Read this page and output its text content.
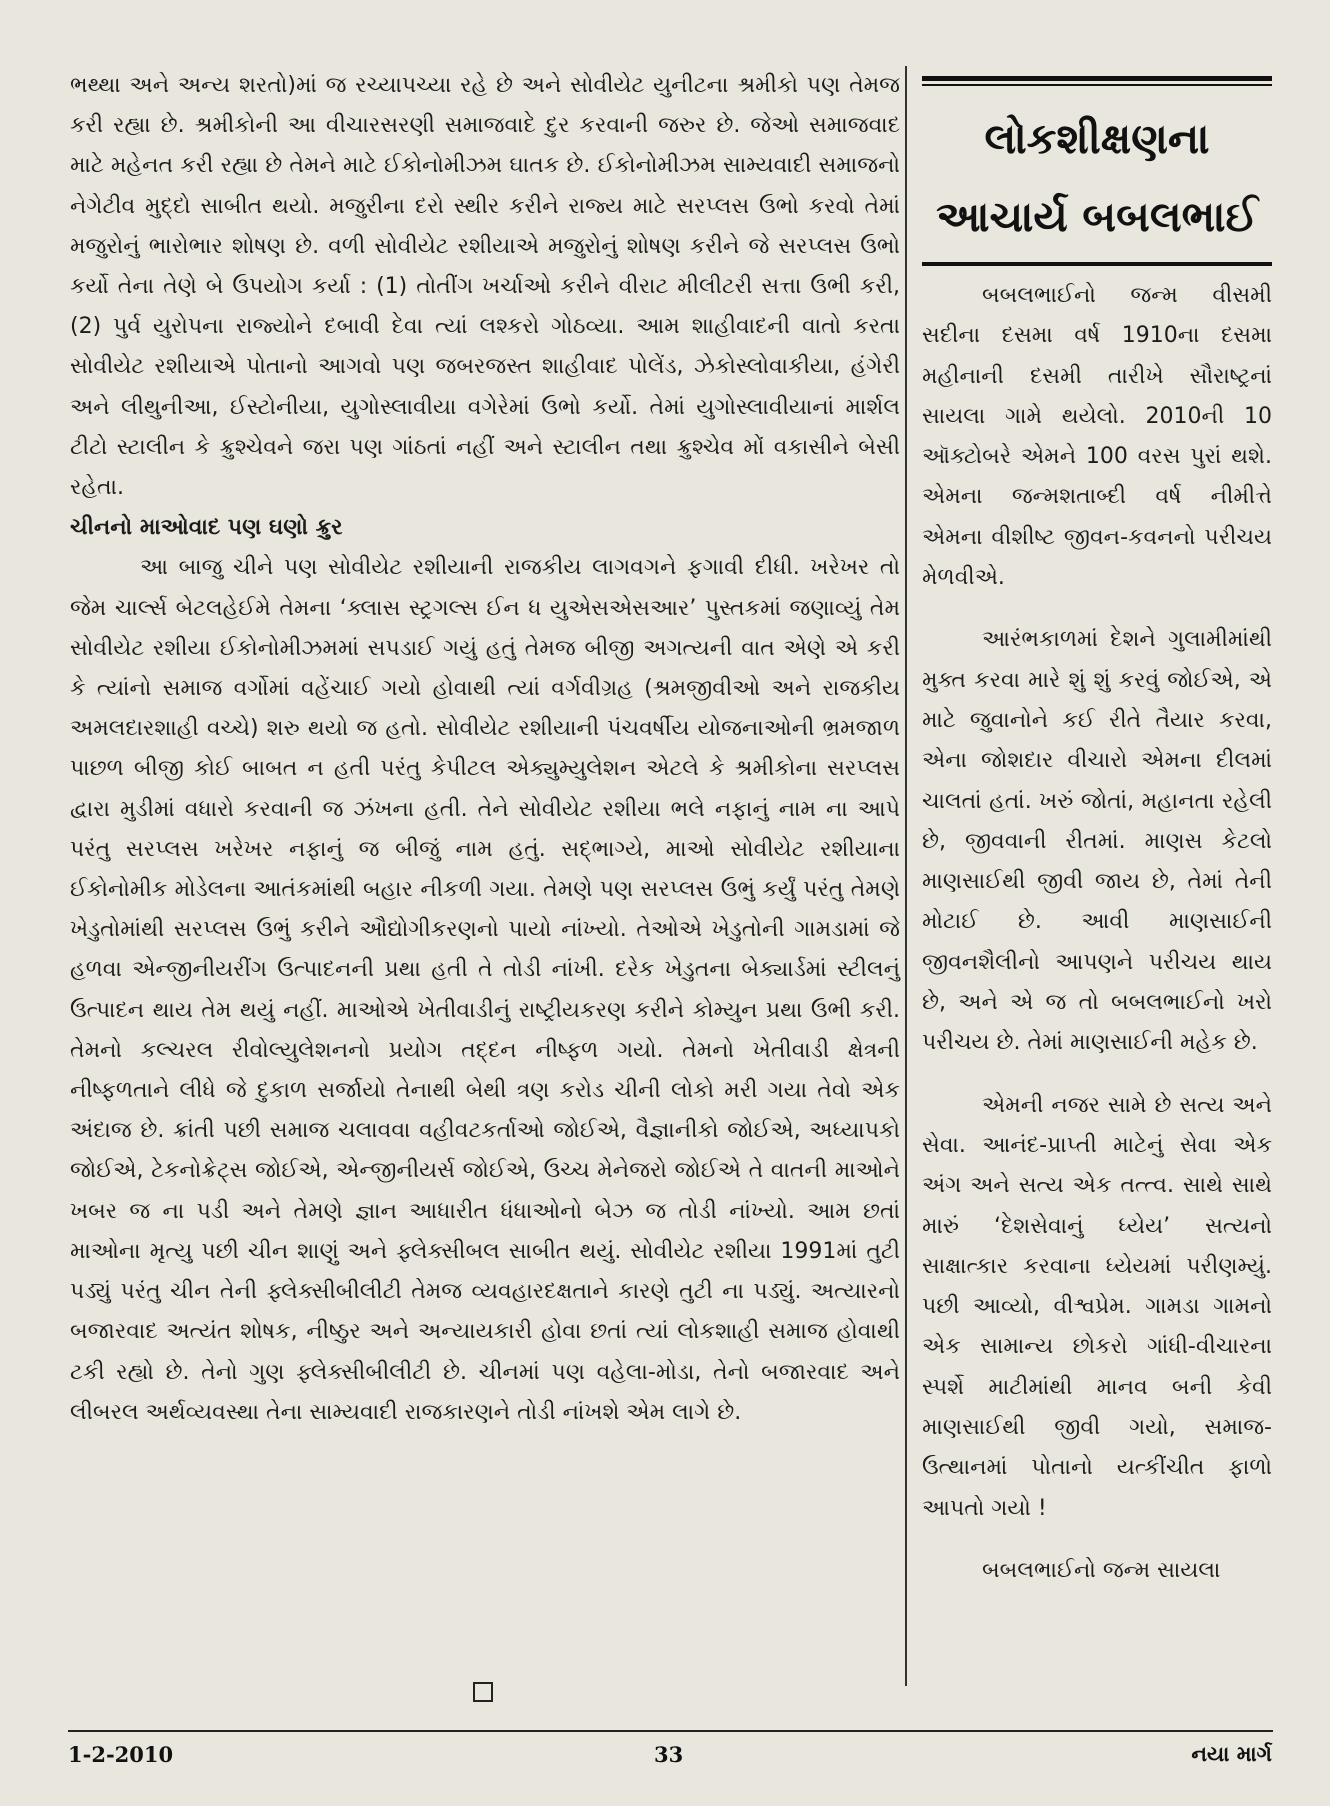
ભથ્થા અને અન્ય શરતો)માં જ રચ્યાપચ્યા રહે છે અને સોવીયેટ યુનીટના શ્રમીકો પણ તેમજ કરી રહ્યા છે. શ્રમીકોની આ વીચારસરણી સમાજવાદે દુર કરવાની જરુર છે. જેઓ સમાજવાદ માટે મહેનત કરી રહ્યા છે તેમને માટે ઈકોનોમીઝમ ઘાતક છે. ઈકોનોમીઝમ સામ્યવાદી સમાજનો નેગેટીવ મુદ્દો સાબીત થયો. મજુરીના દરો સ્થીર કરીને રાજ્ય માટે સરપ્લસ ઉભો કરવો તેમાં મજુરોનું ભારોભાર શોષણ છે. વળી સોવીયેટ રશીયાએ મજુરોનું શોષણ કરીને જે સરપ્લસ ઉભો કર્યો તેના તેણે બે ઉપયોગ કર્યા : (1) તોતીંગ ખર્ચાઓ કરીને વીરાટ મીલીટરી સત્તા ઉભી કરી, (2) પુર્વ યુરોપના રાજ્યોને દબાવી દેવા ત્યાં લશ્કરો ગોઠવ્યા. આમ શાહીવાદની વાતો કરતા સોવીયેટ રશીયાએ પોતાનો આગવો પણ જબરજસ્ત શાહીવાદ પોલેંડ, ઝેકોસ્લોવાકીયા, હંગેરી અને લીથુનીઆ, ઈસ્ટોનીયા, યુગોસ્લાવીયા વગેરેમાં ઉભો કર્યો. તેમાં યુગોસ્લાવીયાનાં માર્શલ ટીટો સ્ટાલીન કે ક્રુશ્ચેવને જરા પણ ગાંઠતાં નહીં અને સ્ટાલીન તથા ક્રુશ્ચેવ મોં વકાસીને બેસી રહેતા.

ચીનનો માઓવાદ પણ ઘણો ક્રુર

આ બાજુ ચીને પણ સોવીયેટ રશીયાની રાજકીય લાગવગને ફગાવી દીધી. ખરેખર તો જેમ ચાર્લ્સ બેટલહેઈમે તેમના ‘ક્લાસ સ્ટ્રગલ્સ ઈન ધ યુએસએસઆર’ પુસ્તકમાં જણાવ્યું તેમ સોવીયેટ રશીયા ઈકોનોમીઝમમાં સપડાઈ ગયું હતું તેમજ બીજી અગત્યની વાત એણે એ કરી કે ત્યાંનો સમાજ વર્ગોમાં વહેંચાઈ ગયો હોવાથી ત્યાં વર્ગવીગ્રહ (શ્રમજીવીઓ અને રાજકીય અમલદારશાહી વચ્ચે) શરુ થયો જ હતો. સોવીયેટ રશીયાની પંચવર્ષીય યોજનાઓની ભ્રમજાળ પાછળ બીજી કોઈ બાબત ન હતી પરંતુ કેપીટલ એક્યુમ્યુલેશન એટલે કે શ્રમીકોના સરપ્લસ દ્વારા મુડીમાં વધારો કરવાની જ ઝંખના હતી. તેને સોવીયેટ રશીયા ભલે નફાનું નામ ના આપે પરંતુ સરપ્લસ ખરેખર નફાનું જ બીજું નામ હતું. સદ્ભાગ્યે, માઓ સોવીયેટ રશીયાના ઈકોનોમીક મોડેલના આતંકમાંથી બહાર નીકળી ગયા. તેમણે પણ સરપ્લસ ઉભું કર્યું પરંતુ તેમણે ખેડુતોમાંથી સરપ્લસ ઉભું કરીને ઔદ્યોગીકરણનો પાયો નાંખ્યો. તેઓએ ખેડુતોની ગામડામાં જે હળવા એન્જીનીયરીંગ ઉત્પાદનની પ્રથા હતી તે તોડી નાંખી. દરેક ખેડુતના બેક્યાર્ડમાં સ્ટીલનું ઉત્પાદન થાય તેમ થયું નહીં. માઓએ ખેતીવાડીનું રાષ્ટ્રીયકરણ કરીને કોમ્યુન પ્રથા ઉભી કરી. તેમનો કલ્ચરલ રીવોલ્યુલેશનનો પ્રયોગ તદ્દન નીષ્ફળ ગયો. તેમનો ખેતીવાડી ક્ષેત્રની નીષ્ફળતાને લીધે જે દુકાળ સર્જાયો તેનાથી બેથી ત્રણ કરોડ ચીની લોકો મરી ગયા તેવો એક અંદાજ છે. ક્રાંતી પછી સમાજ ચલાવવા વહીવટકર્તાઓ જોઈએ, વૈજ્ઞાનીકો જોઈએ, અધ્યાપકો જોઈએ, ટેકનોક્રેટ્સ જોઈએ, એન્જીનીયર્સ જોઈએ, ઉચ્ચ મેનેજરો જોઈએ તે વાતની માઓને ખબર જ ના પડી અને તેમણે જ્ઞાન આધારીત ધંધાઓનો બેઝ જ તોડી નાંખ્યો. આમ છતાં માઓના મૃત્યુ પછી ચીન શાણું અને ફ્લેક્સીબલ સાબીત થયું. સોવીયેટ રશીયા 1991માં તુટી પડ્યું પરંતુ ચીન તેની ફ્લેક્સીબીલીટી તેમજ વ્યવહારદક્ષતાને કારણે તુટી ના પડ્યું. અત્યારનો બજારવાદ અત્યંત શોષક, નીષ્ઠુર અને અન્યાયકારી હોવા છતાં ત્યાં લોકશાહી સમાજ હોવાથી ટકી રહ્યો છે. તેનો ગુણ ફ્લેક્સીબીલીટી છે. ચીનમાં પણ વહેલા-મોડા, તેનો બજારવાદ અને લીબરલ અર્થવ્યવસ્થા તેના સામ્યવાદી રાજકારણને તોડી નાંખશે એમ લાગે છે.

લોકશીક્ષણના
આચાર્ય બબલભાઈ

બબલભાઈનો જન્મ વીસમી સદીના દસમા વર્ષ 1910ના દસમા મહીનાની દસમી તારીખે સૌરાષ્ટ્રનાં સાયલા ગામે થયેલો. 2010ની 10 ઑક્ટોબરે એમને 100 વરસ પુરાં થશે. એમના જન્મશતાબ્દી વર્ષ નીમીત્તે એમના વીશીષ્ટ જીવન-કવનનો પરીચય મેળવીએ.

આરંભકાળમાં દેશને ગુલામીમાંથી મુક્ત કરવા મારે શું શું કરવું જોઈએ, એ માટે જુવાનોને કઈ રીતે તૈયાર કરવા, એના જોશદાર વીચારો એમના દીલમાં ચાલતાં હતાં. ખરું જોતાં, મહાનતા રહેલી છે, જીવવાની રીતમાં. માણસ કેટલો માણસાઈથી જીવી જાય છે, તેમાં તેની મોટાઈ છે. આવી માણસાઈની જીવનશૈલીનો આપણને પરીચય થાય છે, અને એ જ તો બબલભાઈનો ખરો પરીચય છે. તેમાં માણસાઈની મહેક છે.

એમની નજર સામે છે સત્ય અને સેવા. આનંદ-પ્રાપ્તી માટેનું સેવા એક અંગ અને સત્ય એક તત્ત્વ. સાથે સાથે મારું ‘દેશસેવાનું ધ્યેય’ સત્યનો સાક્ષાત્કાર કરવાના ધ્યેયમાં પરીણમ્યું. પછી આવ્યો, વીશ્વપ્રેમ. ગામડા ગામનો એક સામાન્ય છોકરો ગાંધી-વીચારના સ્પર્શે માટીમાંથી માનવ બની કેવી માણસાઈથી જીવી ગયો, સમાજ-ઉત્થાનમાં પોતાનો યત્કીંચીત ફાળો આપતો ગયો !

બબલભાઈનો જન્મ સાયલા

1-2-2010	33	નયા માર્ગ
